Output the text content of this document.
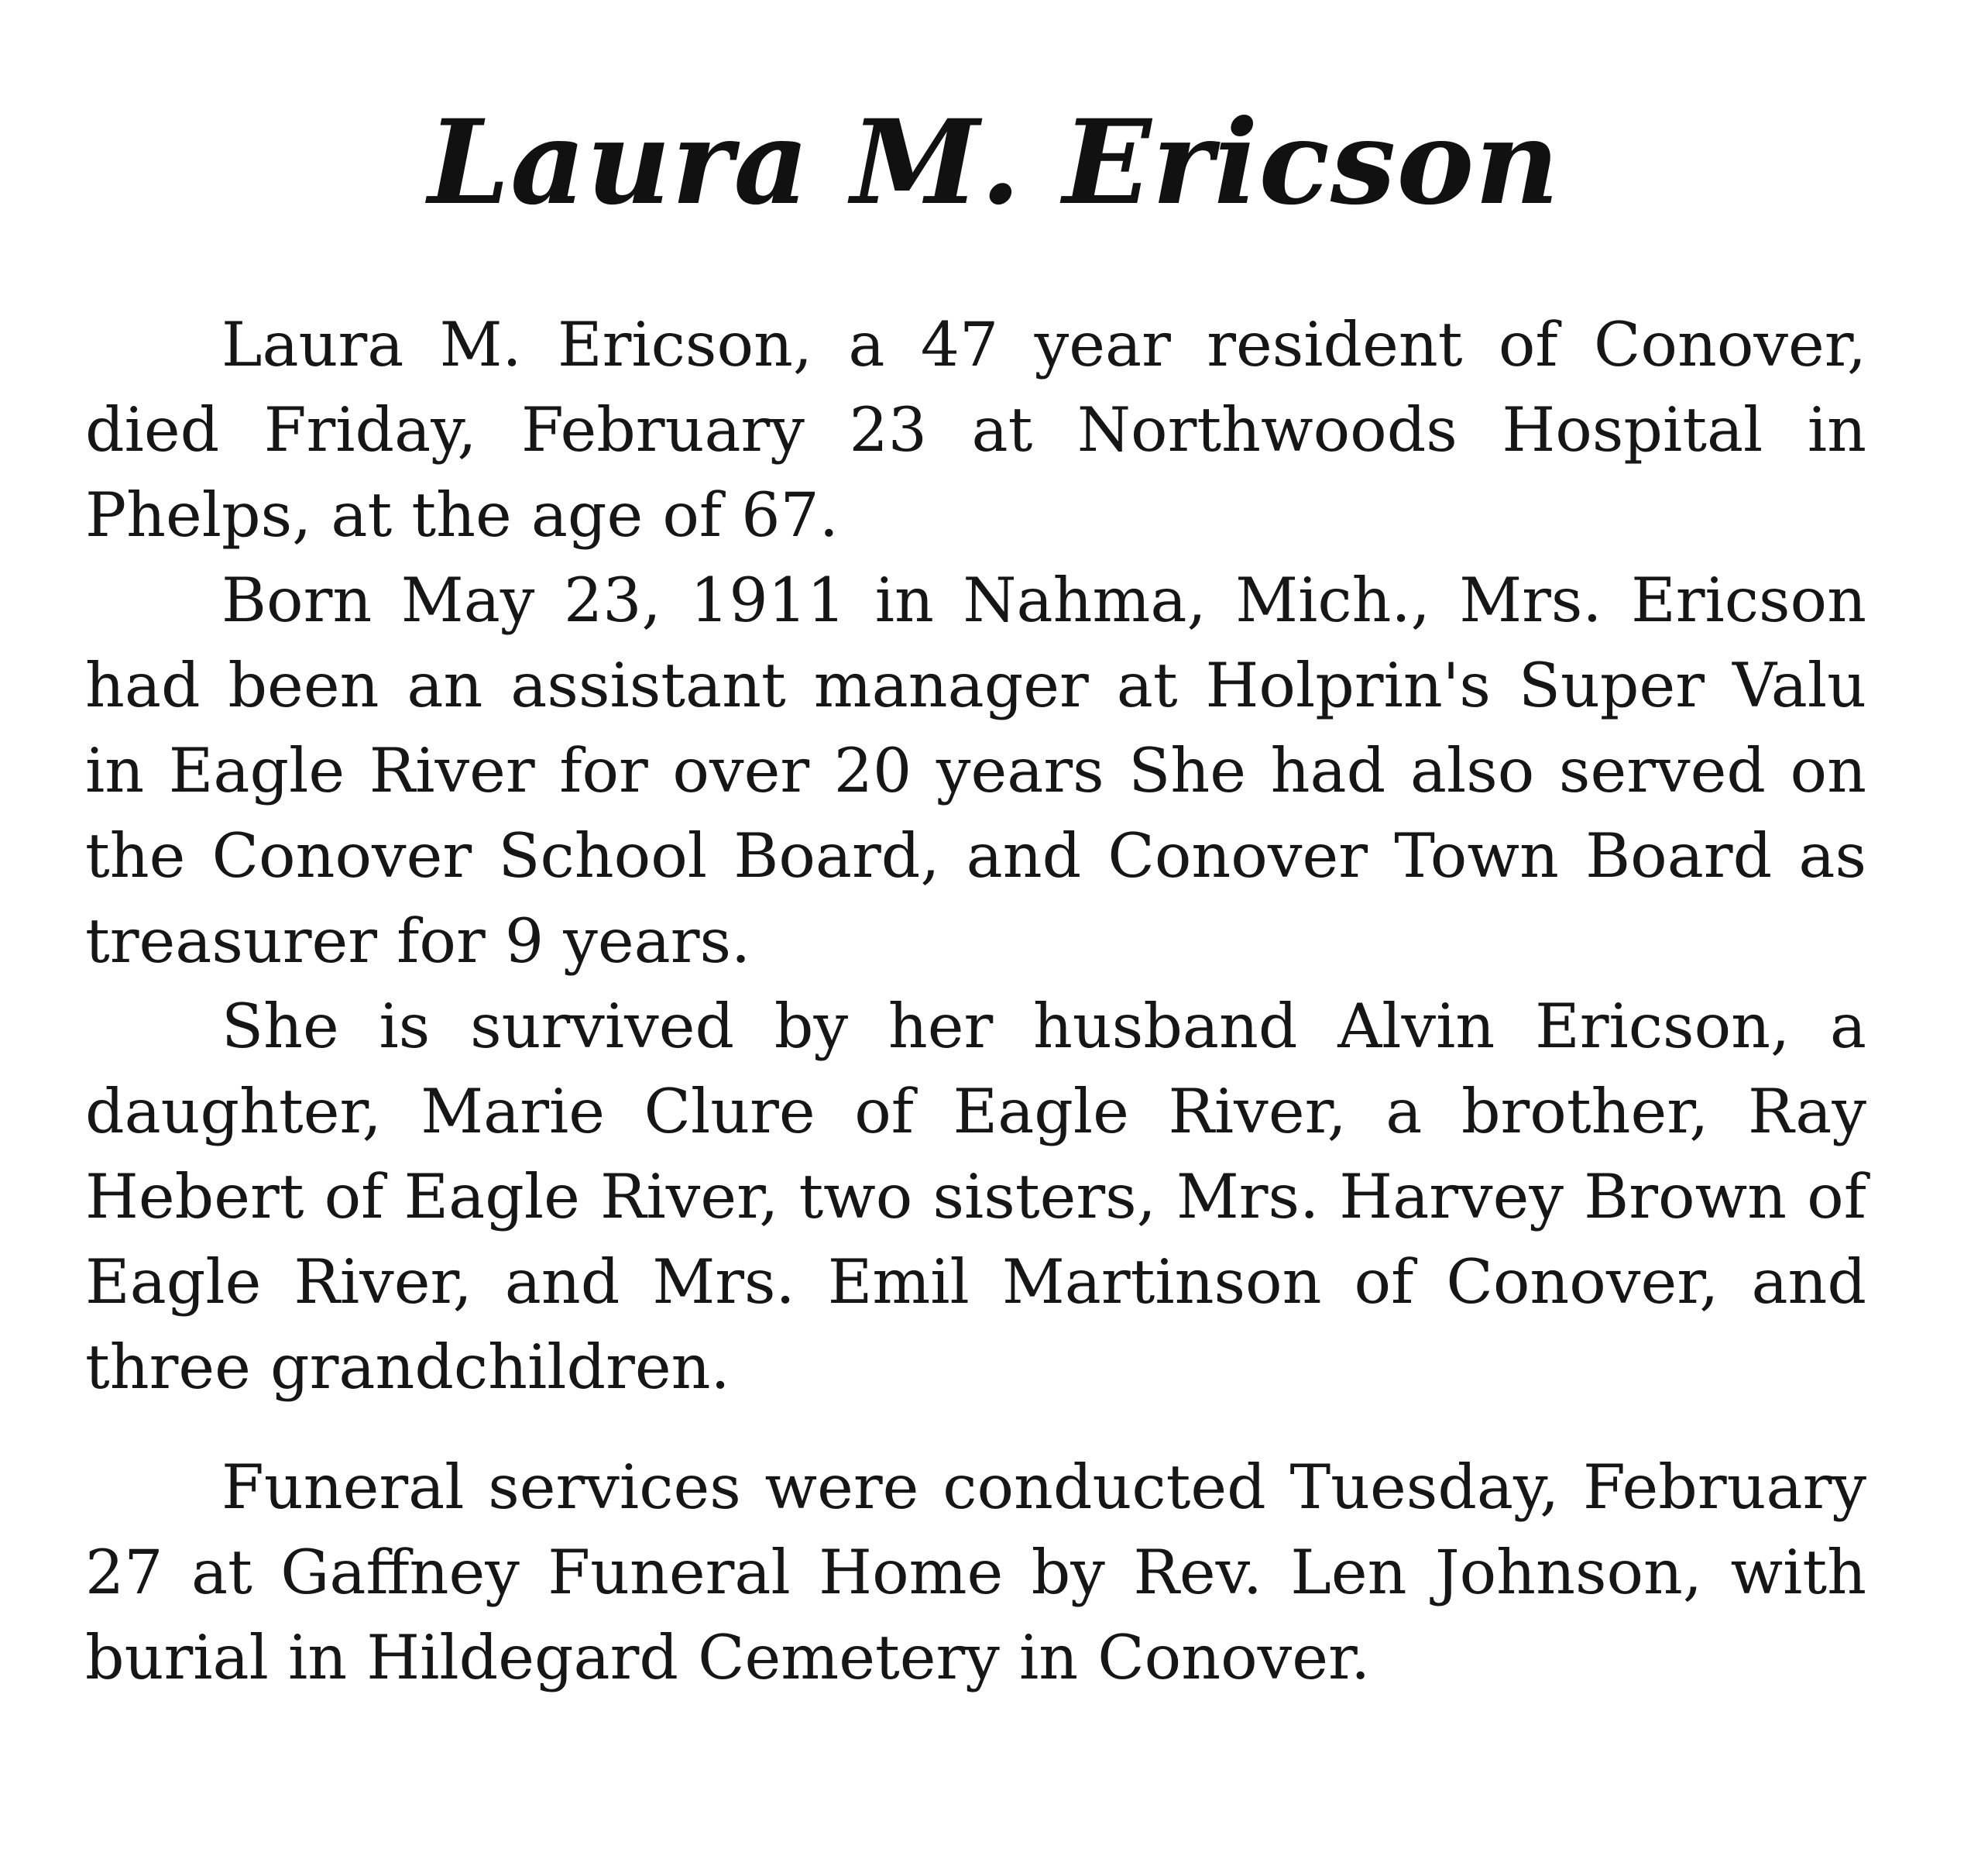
Laura M. Ericson

Laura M. Ericson, a 47 year resident of Conover, died Friday, February 23 at Northwoods Hospital in Phelps, at the age of 67.

Born May 23, 1911 in Nahma, Mich., Mrs. Ericson had been an assistant manager at Holprin's Super Valu in Eagle River for over 20 years She had also served on the Conover School Board, and Conover Town Board as treasurer for 9 years.

She is survived by her husband Alvin Ericson, a daughter, Marie Clure of Eagle River, a brother, Ray Hebert of Eagle River, two sisters, Mrs. Harvey Brown of Eagle River, and Mrs. Emil Martinson of Conover, and three grandchildren.

Funeral services were conducted Tuesday, February 27 at Gaffney Funeral Home by Rev. Len Johnson, with burial in Hildegard Cemetery in Conover.
